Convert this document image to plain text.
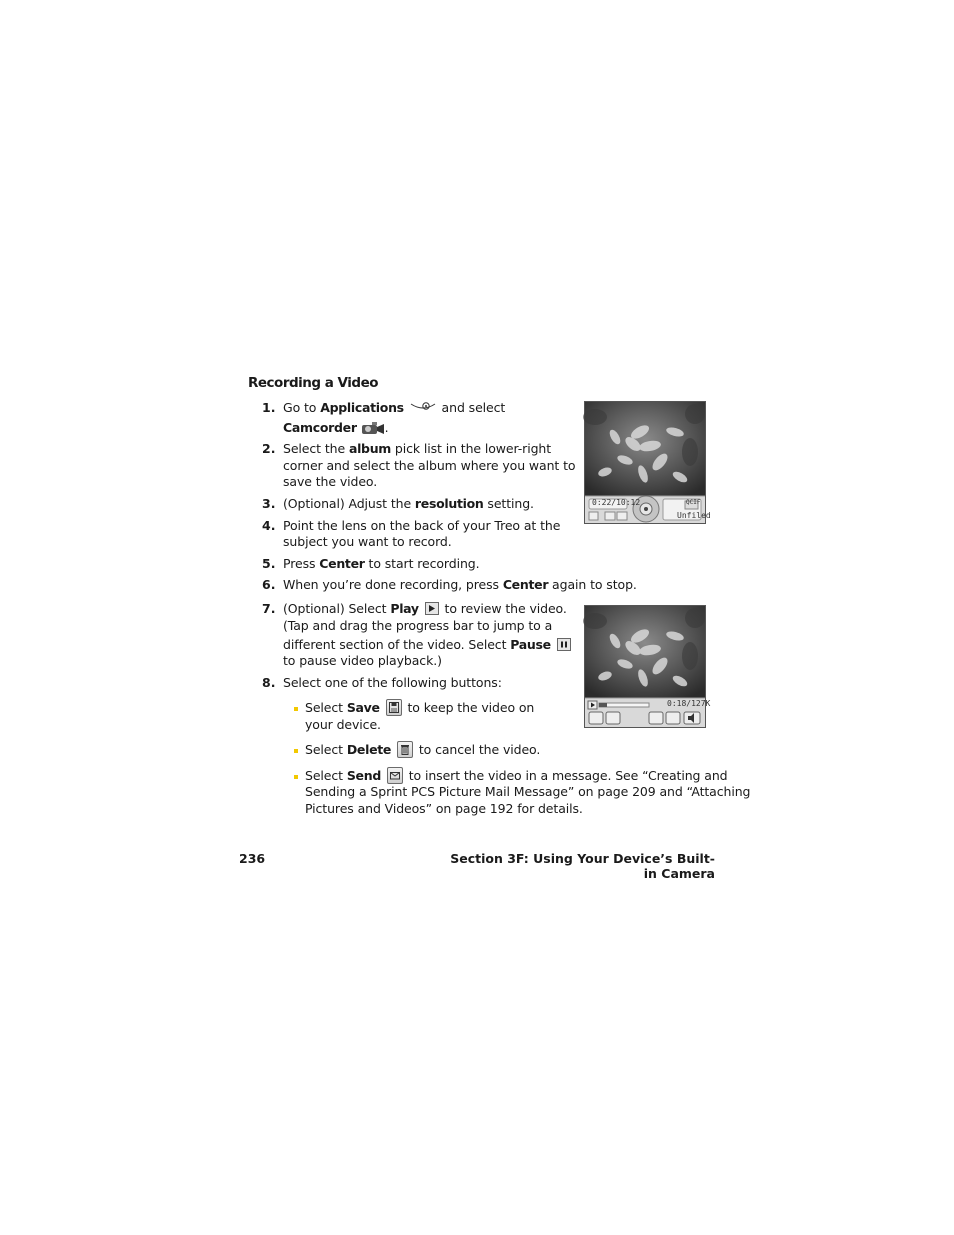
Recording a Video
1. Go to Applications	and select
Camcorder .
2. Select the album pick list in the lower-right
corner and select the album where you want to
save the video.
3. (Optional) Adjust the resolution setting.
4. Point the lens on the back of your Treo at the
subject you want to record.
5. Press Center to start recording.
6. When you’re done recording, press Center again to stop.
7. (Optional) Select Play
to review the video.
(Tap and drag the progress bar to jump to a
different section of the video. Select Pause
to pause video playback.)
8. Select one of the following buttons:
Select Save
to keep the video on
your device.
Select Delete
to cancel the video.
Select Send
to insert the video in a message. See “Creating and
Sending a Sprint PCS Picture Mail Message” on page 209 and “Attaching
Pictures and Videos” on page 192 for details.
0:22/10:12	QCIF
Unfiled
0:18/127K
236	Section 3F: Using Your Device’s Built-in Camera
